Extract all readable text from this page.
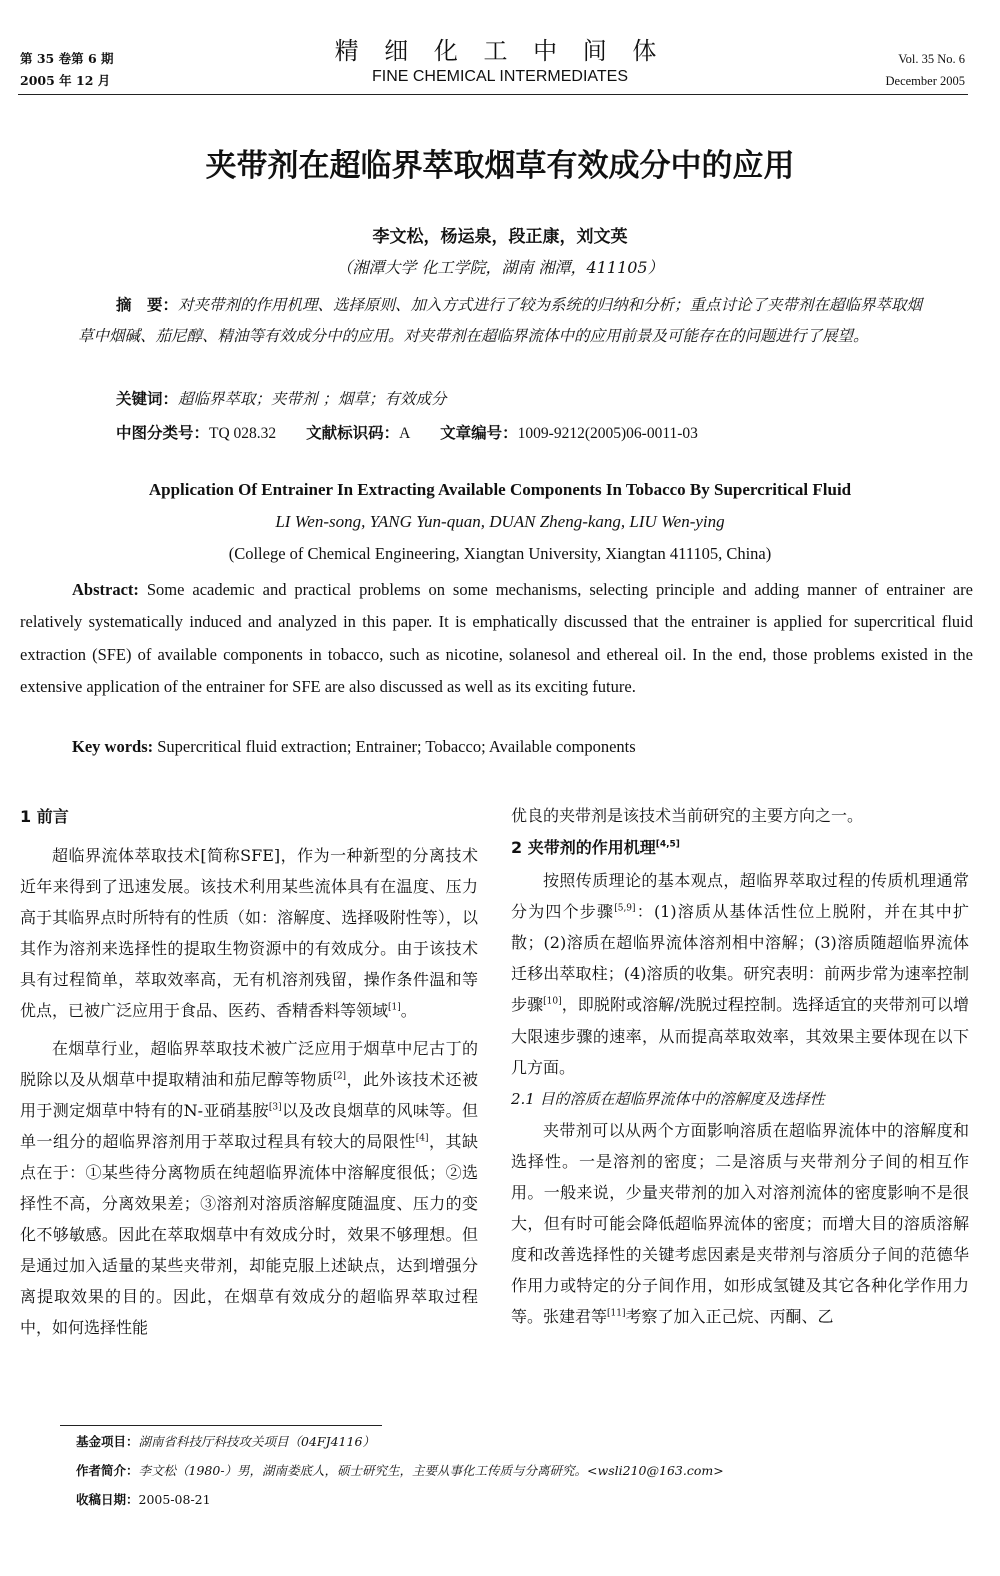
第 35 卷第 6 期
2005 年 12 月
精 细 化 工 中 间 体
FINE CHEMICAL INTERMEDIATES
Vol. 35 No. 6
December 2005
夹带剂在超临界萃取烟草有效成分中的应用
李文松，杨运泉，段正康，刘文英
（湘潭大学 化工学院，湖南 湘潭，411105）
摘　要：对夹带剂的作用机理、选择原则、加入方式进行了较为系统的归纳和分析；重点讨论了夹带剂在超临界萃取烟草中烟碱、茄尼醇、精油等有效成分中的应用。对夹带剂在超临界流体中的应用前景及可能存在的问题进行了展望。
关键词：超临界萃取；夹带剂 ；烟草；有效成分
中图分类号：TQ 028.32 文献标识码：A 文章编号：1009-9212(2005)06-0011-03
Application Of Entrainer In Extracting Available Components In Tobacco By Supercritical Fluid
LI Wen-song, YANG Yun-quan, DUAN Zheng-kang, LIU Wen-ying
(College of Chemical Engineering, Xiangtan University, Xiangtan 411105, China)
Abstract: Some academic and practical problems on some mechanisms, selecting principle and adding manner of entrainer are relatively systematically induced and analyzed in this paper. It is emphatically discussed that the entrainer is applied for supercritical fluid extraction (SFE) of available components in tobacco, such as nicotine, solanesol and ethereal oil. In the end, those problems existed in the extensive application of the entrainer for SFE are also discussed as well as its exciting future.
Key words: Supercritical fluid extraction; Entrainer; Tobacco; Available components
1 前言

超临界流体萃取技术[简称SFE]，作为一种新型的分离技术近年来得到了迅速发展。该技术利用某些流体具有在温度、压力高于其临界点时所特有的性质（如：溶解度、选择吸附性等），以其作为溶剂来选择性的提取生物资源中的有效成分。由于该技术具有过程简单，萃取效率高，无有机溶剂残留，操作条件温和等优点，已被广泛应用于食品、医药、香精香料等领域[1]。

在烟草行业，超临界萃取技术被广泛应用于烟草中尼古丁的脱除以及从烟草中提取精油和茄尼醇等物质[2]，此外该技术还被用于测定烟草中特有的N-亚硝基胺[3]以及改良烟草的风味等。但单一组分的超临界溶剂用于萃取过程具有较大的局限性[4]，其缺点在于：①某些待分离物质在纯超临界流体中溶解度很低；②选择性不高，分离效果差；③溶剂对溶质溶解度随温度、压力的变化不够敏感。因此在萃取烟草中有效成分时，效果不够理想。但是通过加入适量的某些夹带剂，却能克服上述缺点，达到增强分离提取效果的目的。因此，在烟草有效成分的超临界萃取过程中，如何选择性能

优良的夹带剂是该技术当前研究的主要方向之一。

2 夹带剂的作用机理[4,5]

按照传质理论的基本观点，超临界萃取过程的传质机理通常分为四个步骤[5,9]：(1)溶质从基体活性位上脱附，并在其中扩散；(2)溶质在超临界流体溶剂相中溶解；(3)溶质随超临界流体迁移出萃取柱；(4)溶质的收集。研究表明：前两步常为速率控制步骤[10]，即脱附或溶解/洗脱过程控制。选择适宜的夹带剂可以增大限速步骤的速率，从而提高萃取效率，其效果主要体现在以下几方面。

2.1 目的溶质在超临界流体中的溶解度及选择性

夹带剂可以从两个方面影响溶质在超临界流体中的溶解度和选择性。一是溶剂的密度；二是溶质与夹带剂分子间的相互作用。一般来说，少量夹带剂的加入对溶剂流体的密度影响不是很大，但有时可能会降低超临界流体的密度；而增大目的溶质溶解度和改善选择性的关键考虑因素是夹带剂与溶质分子间的范德华作用力或特定的分子间作用，如形成氢键及其它各种化学作用力等。张建君等[11]考察了加入正己烷、丙酮、乙

基金项目：湖南省科技厅科技攻关项目（04FJ4116）
作者简介：李文松（1980-）男，湖南娄底人，硕士研究生，主要从事化工传质与分离研究。<wsli210@163.com>
收稿日期：2005-08-21
